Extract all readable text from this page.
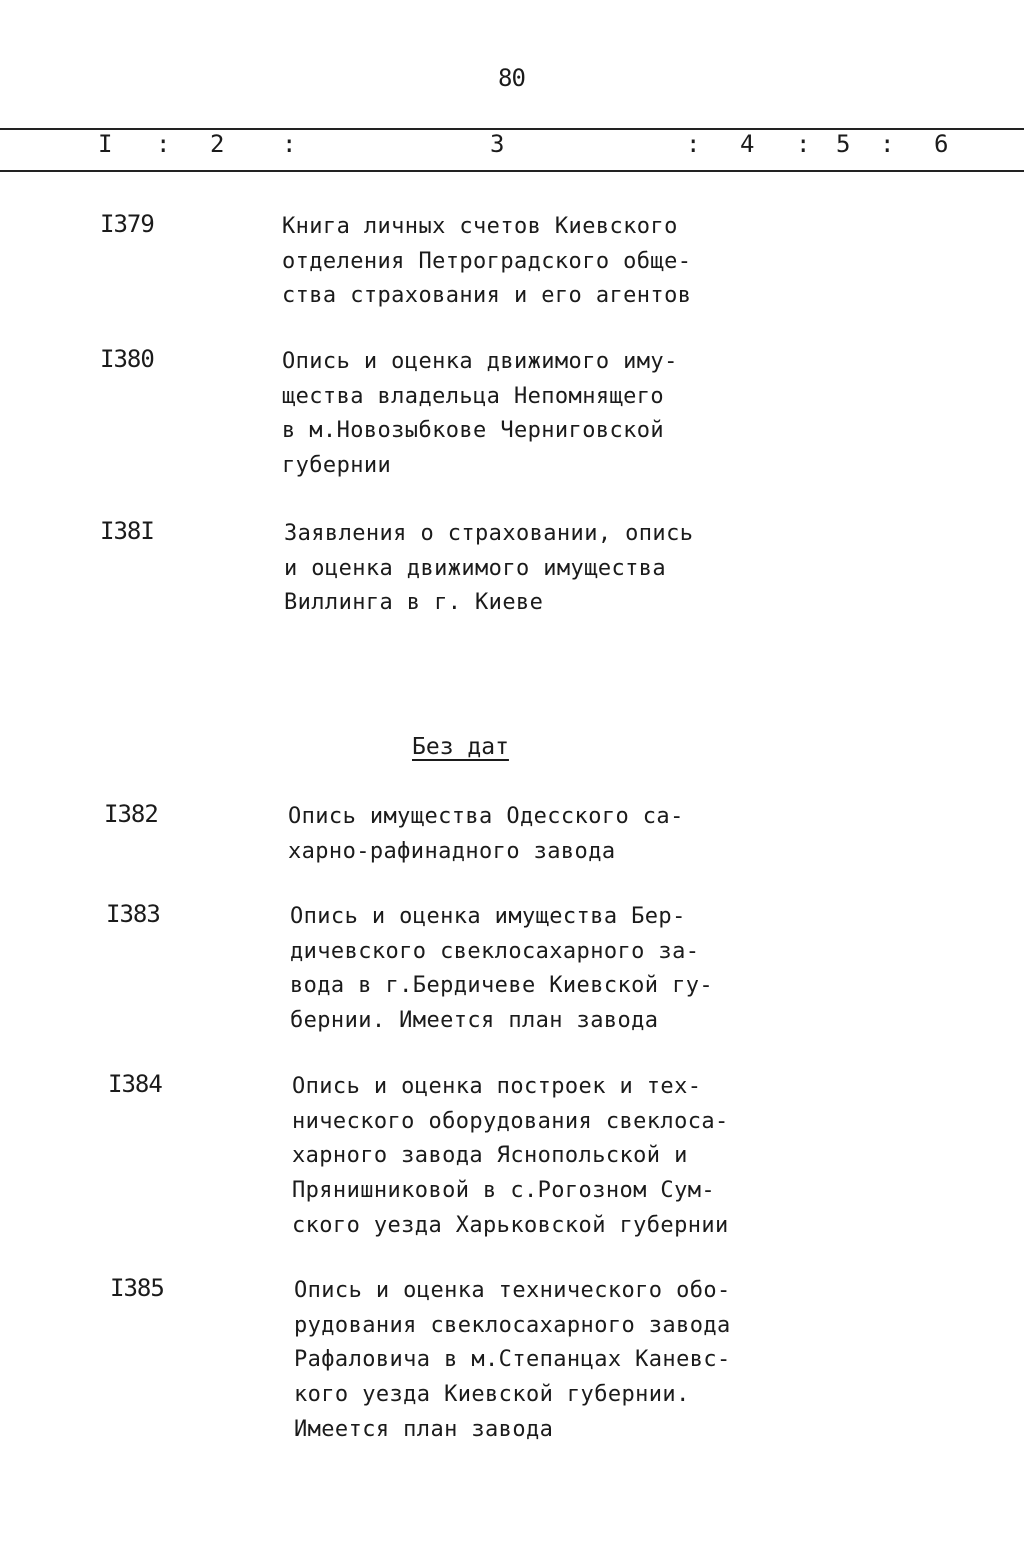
80
I : 2 :	3	: 4 : 5 : 6
I379	Книга личных счетов Киевского
отделения Петроградского обще-
ства страхования и его агентов
I380	Опись и оценка движимого иму-
щества владельца Непомнящего
в м.Новозыбкове Черниговской
губернии
I38I	Заявления о страховании, опись
и оценка движимого имущества
Виллинга в г. Киеве
Без дат
I382	Опись имущества Одесского са-
харно-рафинадного завода
I383	Опись и оценка имущества Бер-
дичевского свеклосахарного за-
вода в г.Бердичеве Киевской гу-
бернии. Имеется план завода
I384	Опись и оценка построек и тех-
нического оборудования свеклоса-
харного завода Яснопольской и
Прянишниковой в с.Рогозном Сум-
ского уезда Харьковской губернии
I385	Опись и оценка технического обо-
рудования свеклосахарного завода
Рафаловича в м.Степанцах Каневс-
кого уезда Киевской губернии.
Имеется план завода
